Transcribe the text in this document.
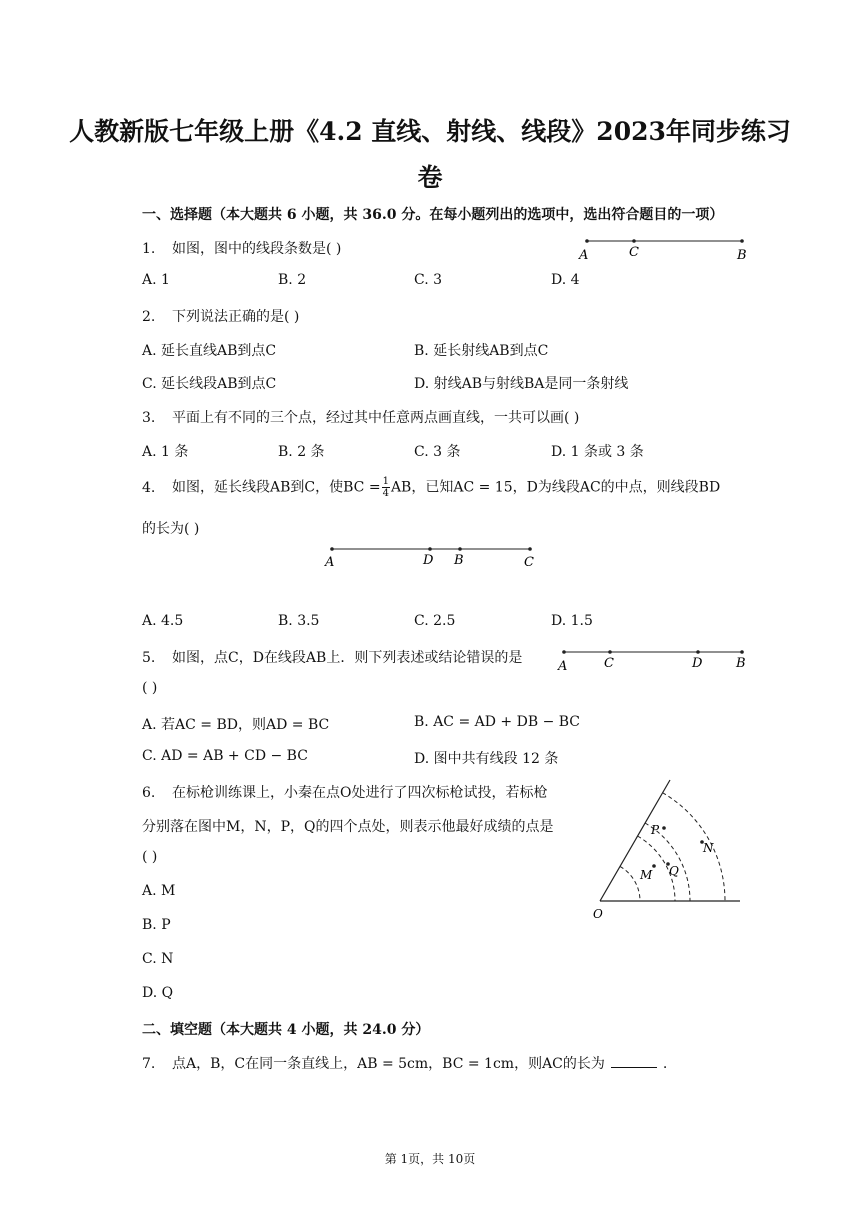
人教新版七年级上册《4.2 直线、射线、线段》2023年同步练习
卷
一、选择题（本大题共 6 小题，共 36.0 分。在每小题列出的选项中，选出符合题目的一项）
1. 如图，图中的线段条数是( )	A	C	B
A. 1	B. 2	C. 3	D. 4
2. 下列说法正确的是( )
A. 延长直线AB到点C	B. 延长射线AB到点C
C. 延长线段AB到点C	D. 射线AB与射线BA是同一条射线
3. 平面上有不同的三个点，经过其中任意两点画直线，一共可以画( )
A. 1 条	B. 2 条	C. 3 条	D. 1 条或 3 条
4. 如图，延长线段AB到C，使BC = $\frac{1}{4}$ AB，已知AC = 15，D为线段AC的中点，则线段BD
的长为( )
A	D B	C
A. 4.5	B. 3.5	C. 2.5	D. 1.5
5. 如图，点C，D在线段AB上．则下列表述或结论错误的是
A	C	D	B
( )
A. 若AC = BD，则AD = BC	B. AC = AD + DB − BC
C. AD = AB + CD − BC	D. 图中共有线段 12 条
6. 在标枪训练课上，小秦在点O处进行了四次标枪试投，若标枪
分别落在图中M，N，P，Q的四个点处，则表示他最好成绩的点是
( )
A. M
B. P
C. N
D. Q
P
N
M Q
O
二、填空题（本大题共 4 小题，共 24.0 分）
7. 点A，B，C在同一条直线上，AB = 5cm，BC = 1cm，则AC的长为	.
第 1页，共 10页
